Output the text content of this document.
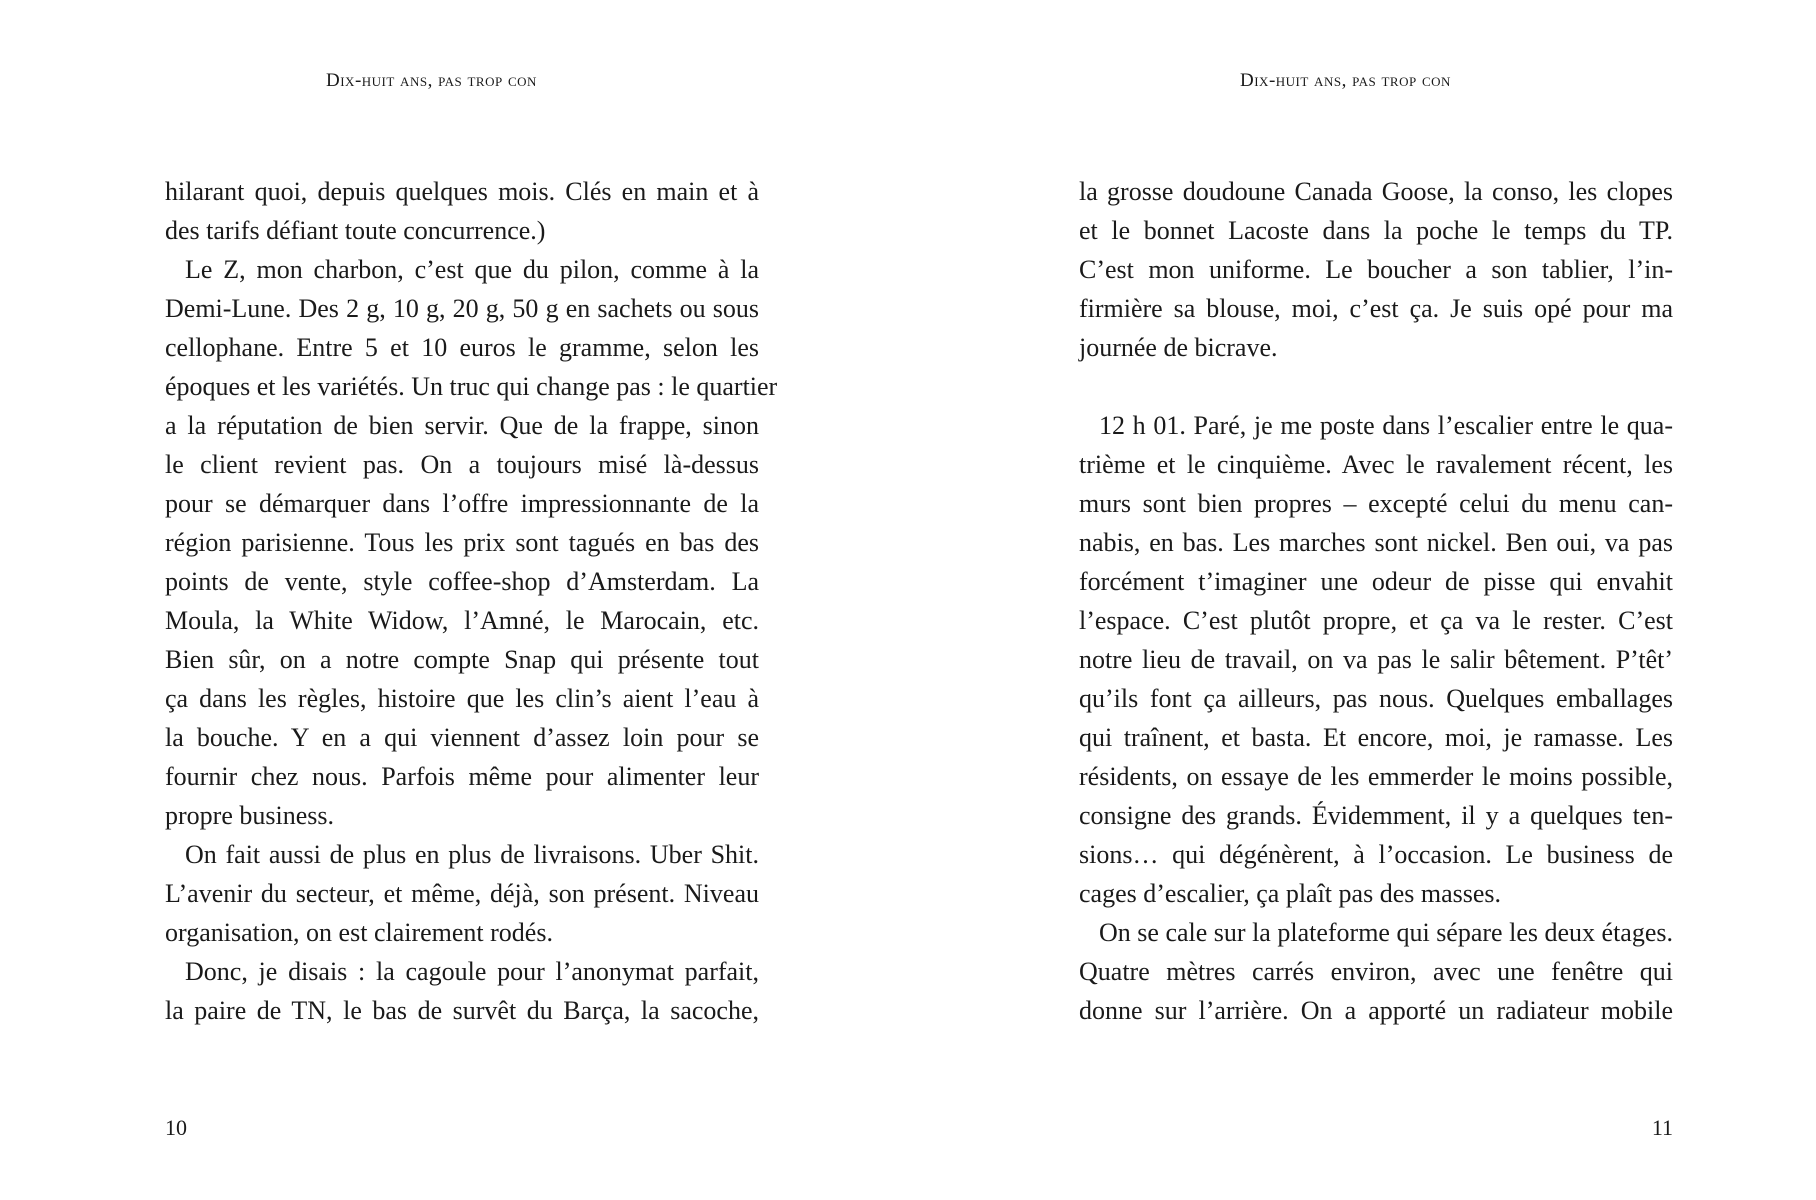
Dix-huit ans, pas trop con
hilarant quoi, depuis quelques mois. Clés en main et à
des tarifs défiant toute concurrence.)
Le Z, mon charbon, c’est que du pilon, comme à la
Demi-Lune. Des 2 g, 10 g, 20 g, 50 g en sachets ou sous
cellophane. Entre 5 et 10 euros le gramme, selon les
époques et les variétés. Un truc qui change pas : le quartier
a la réputation de bien servir. Que de la frappe, sinon
le client revient pas. On a toujours misé là-dessus
pour se démarquer dans l’offre impressionnante de la
région parisienne. Tous les prix sont tagués en bas des
points de vente, style coffee-shop d’Amsterdam. La
Moula, la White Widow, l’Amné, le Marocain, etc.
Bien sûr, on a notre compte Snap qui présente tout
ça dans les règles, histoire que les clin’s aient l’eau à
la bouche. Y en a qui viennent d’assez loin pour se
fournir chez nous. Parfois même pour alimenter leur
propre business.
On fait aussi de plus en plus de livraisons. Uber Shit.
L’avenir du secteur, et même, déjà, son présent. Niveau
organisation, on est clairement rodés.
Donc, je disais : la cagoule pour l’anonymat parfait,
la paire de TN, le bas de survêt du Barça, la sacoche,
10
Dix-huit ans, pas trop con
la grosse doudoune Canada Goose, la conso, les clopes
et le bonnet Lacoste dans la poche le temps du TP.
C’est mon uniforme. Le boucher a son tablier, l’in-
firmière sa blouse, moi, c’est ça. Je suis opé pour ma
journée de bicrave.
12 h 01. Paré, je me poste dans l’escalier entre le qua-
trième et le cinquième. Avec le ravalement récent, les
murs sont bien propres – excepté celui du menu can-
nabis, en bas. Les marches sont nickel. Ben oui, va pas
forcément t’imaginer une odeur de pisse qui envahit
l’espace. C’est plutôt propre, et ça va le rester. C’est
notre lieu de travail, on va pas le salir bêtement. P’têt’
qu’ils font ça ailleurs, pas nous. Quelques emballages
qui traînent, et basta. Et encore, moi, je ramasse. Les
résidents, on essaye de les emmerder le moins possible,
consigne des grands. Évidemment, il y a quelques ten-
sions… qui dégénèrent, à l’occasion. Le business de
cages d’escalier, ça plaît pas des masses.
On se cale sur la plateforme qui sépare les deux étages.
Quatre mètres carrés environ, avec une fenêtre qui
donne sur l’arrière. On a apporté un radiateur mobile
11
